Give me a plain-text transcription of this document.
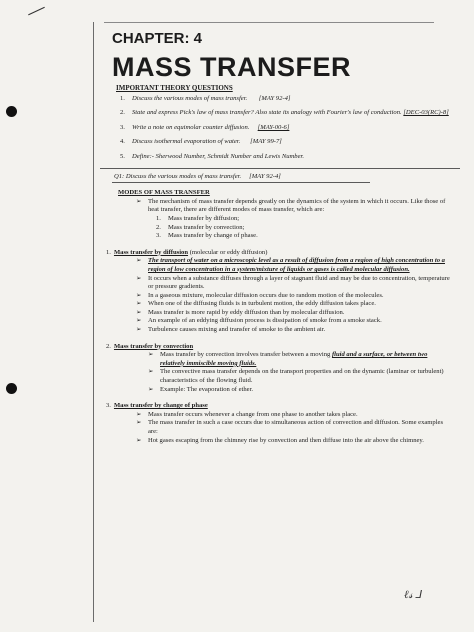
CHAPTER: 4
MASS TRANSFER
IMPORTANT THEORY QUESTIONS
1.	Discuss the various modes of mass transfer. [MAY 92-4]
2.	State and express Pick's law of mass transfer? Also state its analogy with Fourier's law of conduction. [DEC-03(RC)-8]
3.	Write a note on equimolar counter diffusion. [MAY-00-6]
4.	Discuss isothermal evaporation of water. [MAY 99-7]
5.	Define:- Sherwood Number, Schmidt Number and Lewis Number.
Q1: Discuss the various modes of mass transfer. [MAY 92-4]
MODES OF MASS TRANSFER
➢ The mechanism of mass transfer depends greatly on the dynamics of the system in which it occurs. Like those of heat transfer, there are different modes of mass transfer, which are:
1.	Mass transfer by diffusion;
2.	Mass transfer by convection;
3.	Mass transfer by change of phase.
1. Mass transfer by diffusion (molecular or eddy diffusion)
➢ The transport of water on a microscopic level as a result of diffusion from a region of high concentration to a region of low concentration in a system/mixture of liquids or gases is called molecular diffusion.
➢ It occurs when a substance diffuses through a layer of stagnant fluid and may be due to concentration, temperature or pressure gradients.
➢ In a gaseous mixture, molecular diffusion occurs due to random motion of the molecules.
➢ When one of the diffusing fluids is in turbulent motion, the eddy diffusion takes place.
➢ Mass transfer is more rapid by eddy diffusion than by molecular diffusion.
➢ An example of an eddying diffusion process is dissipation of smoke from a smoke stack.
➢ Turbulence causes mixing and transfer of smoke to the ambient air.
2. Mass transfer by convection
➢ Mass transfer by convection involves transfer between a moving fluid and a surface, or between two relatively immiscible moving fluids.
➢ The convective mass transfer depends on the transport properties and on the dynamic (laminar or turbulent) characteristics of the flowing fluid.
➢ Example: The evaporation of ether.
3. Mass transfer by change of phase
➢ Mass transfer occurs whenever a change from one phase to another takes place.
➢ The mass transfer in such a case occurs due to simultaneous action of convection and diffusion. Some examples are:
➢ Hot gases escaping from the chimney rise by convection and then diffuse into the air above the chimney.
ℓ𝓈 ⅃
